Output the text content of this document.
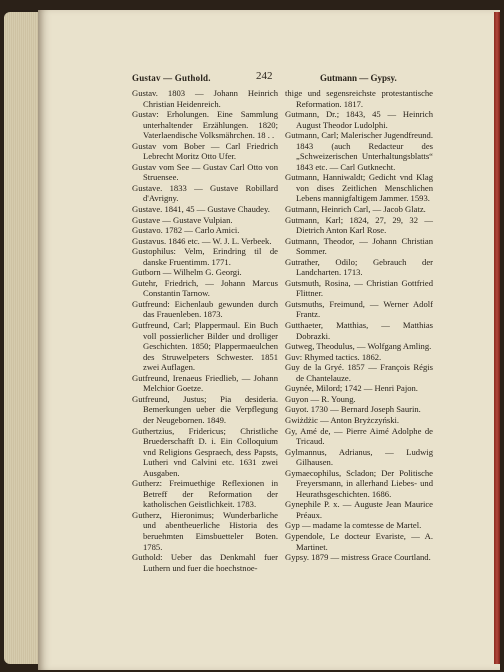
Gustav — Guthold.	242	Gutmann — Gypsy.

Gustav. 1803 — Johann Heinrich Christian Heidenreich.

Gustav: Erholungen. Eine Sammlung unterhaltender Erzählungen. 1820; Vaterlaendische Volksmährchen. 18 . .

Gustav vom Bober — Carl Friedrich Lebrecht Moritz Otto Ufer.

Gustav vom See — Gustav Carl Otto von Struensee.

Gustave. 1833 — Gustave Robillard d'Avrigny.

Gustave. 1841, 45 — Gustave Chaudey.

Gustave — Gustave Vulpian.

Gustavo. 1782 — Carlo Amici.

Gustavus. 1846 etc. — W. J. L. Verbeek.

Gustophilus: Velm, Erindring til de danske Fruentimm. 1771.

Gutborn — Wilhelm G. Georgi.

Gutehr, Friedrich, — Johann Marcus Constantin Tarnow.

Gutfreund: Eichenlaub gewunden durch das Frauenleben. 1873.

Gutfreund, Carl; Plappermaul. Ein Buch voll possierlicher Bilder und drolliger Geschichten. 1850; Plappermaeulchen des Struwelpeters Schwester. 1851 zwei Auflagen.

Gutfreund, Irenaeus Friedlieb, — Johann Melchior Goetze.

Gutfreund, Justus; Pia desideria. Bemerkungen ueber die Verpflegung der Neugebornen. 1849.

Guthertzius, Fridericus; Christliche Bruederschafft D. i. Ein Colloquium vnd Religions Gespraech, dess Papsts, Lutheri vnd Calvini etc. 1631 zwei Ausgaben.

Gutherz: Freimuethige Reflexionen in Betreff der Reformation der katholischen Geistlichkeit. 1783.

Gutherz, Hieronimus; Wunderbarliche und abentheuerliche Historia des beruehmten Eimsbuetteler Boten. 1785.

Guthold: Ueber das Denkmahl fuer Luthern und fuer die hoechstnoe-

thige und segensreichste protestantische Reformation. 1817.

Gutmann, Dr.; 1843, 45 — Heinrich August Theodor Ludolphi.

Gutmann, Carl; Malerischer Jugendfreund. 1843 (auch Redacteur des „Schweizerischen Unterhaltungsblatts“ 1843 etc. — Carl Gutknecht.

Gutmann, Hanniwaldt; Gedicht vnd Klag von dises Zeitlichen Menschlichen Lebens mannigfaltigem Jammer. 1593.

Gutmann, Heinrich Carl, — Jacob Glatz.

Gutmann, Karl; 1824, 27, 29, 32 — Dietrich Anton Karl Rose.

Gutmann, Theodor, — Johann Christian Sommer.

Gutrather, Odilo; Gebrauch der Landcharten. 1713.

Gutsmuth, Rosina, — Christian Gottfried Flittner.

Gutsmuths, Freimund, — Werner Adolf Frantz.

Gutthaeter, Matthias, — Matthias Dobrazki.

Gutweg, Theodulus, — Wolfgang Amling.

Guv: Rhymed tactics. 1862.

Guy de la Gryé. 1857 — François Régis de Chantelauze.

Guynée, Milord; 1742 — Henri Pajon.

Guyon — R. Young.

Guyot. 1730 — Bernard Joseph Saurin.

Gwiżdżic — Anton Bryżczyński.

Gy, Amé de, — Pierre Aimé Adolphe de Tricaud.

Gylmannus, Adrianus, — Ludwig Gilhausen.

Gymaecophilus, Scladon; Der Politische Freyersmann, in allerhand Liebes- und Heurathsgeschichten. 1686.

Gynephile P. x. — Auguste Jean Maurice Préaux.

Gyp — madame la comtesse de Martel.

Gypendole, Le docteur Evariste, — A. Martinet.

Gypsy. 1879 — mistress Grace Courtland.
